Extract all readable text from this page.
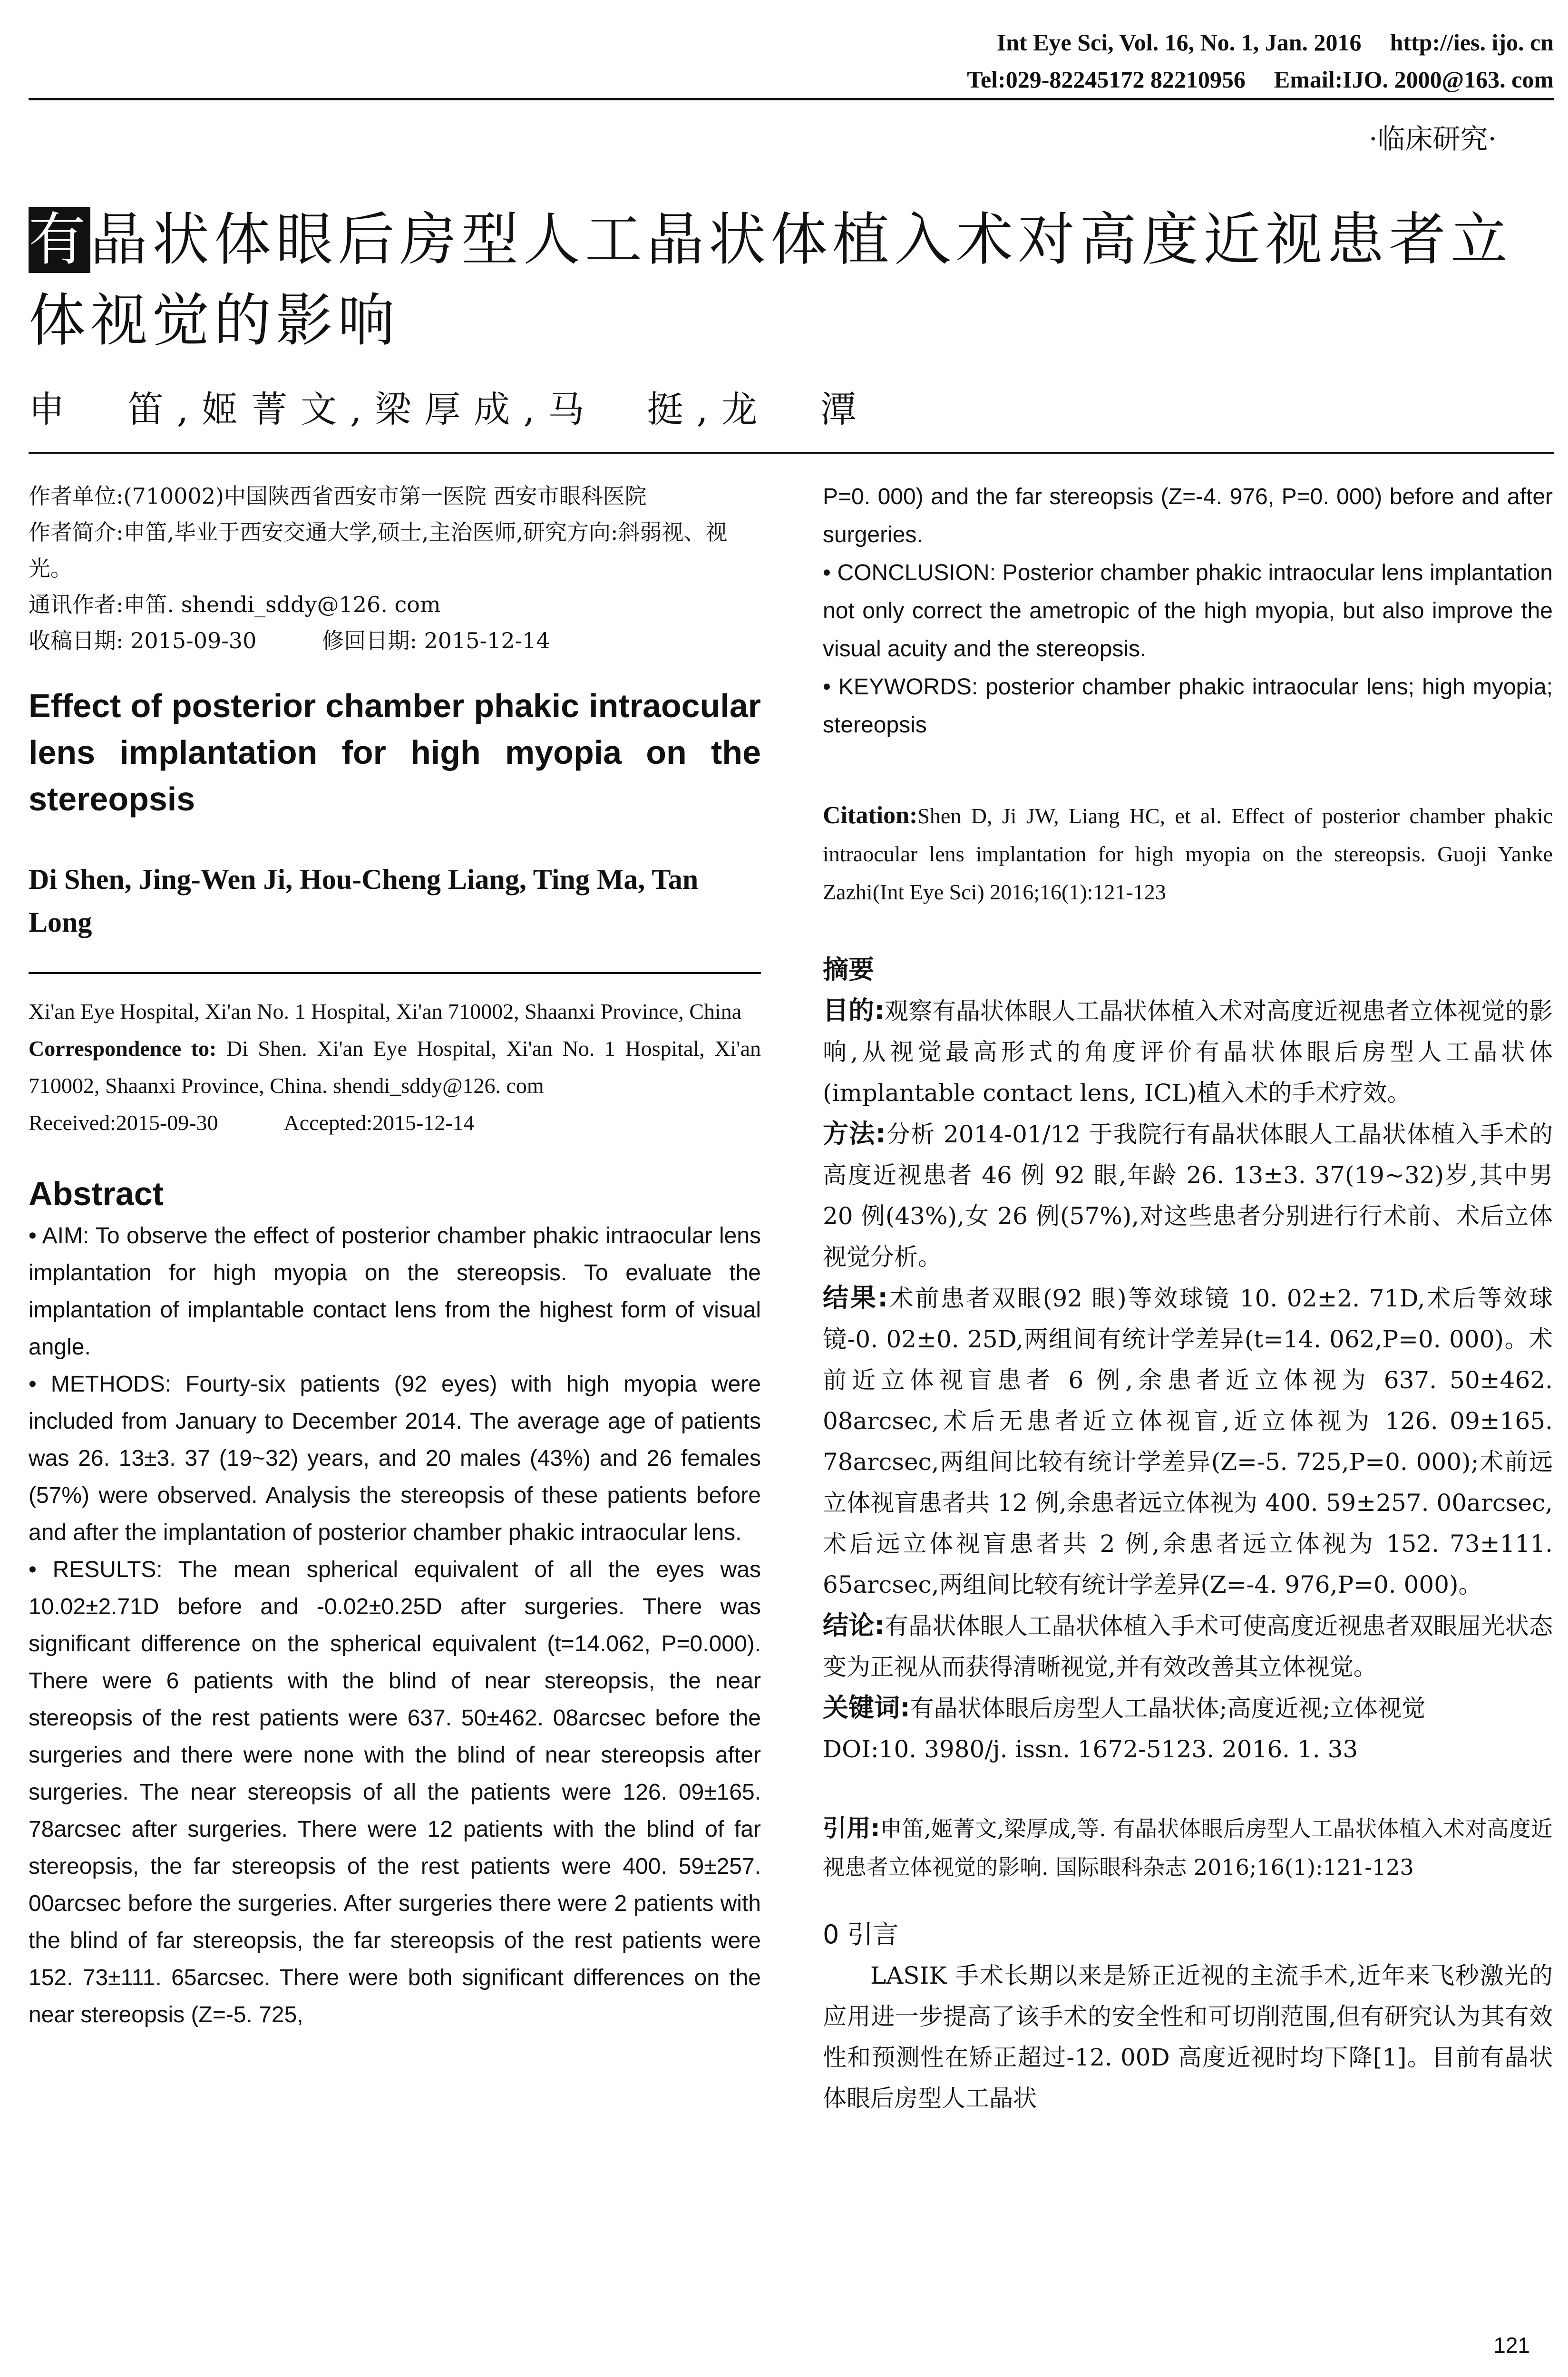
Int Eye Sci, Vol. 16, No. 1, Jan. 2016 http://ies. ijo. cn
Tel:029-82245172 82210956 Email:IJO. 2000@163. com
·临床研究·
有晶状体眼后房型人工晶状体植入术对高度近视患者立体视觉的影响
申　笛,姬菁文,梁厚成,马　挺,龙　潭
作者单位:(710002)中国陕西省西安市第一医院 西安市眼科医院
作者简介:申笛,毕业于西安交通大学,硕士,主治医师,研究方向:斜弱视、视光。
通讯作者:申笛. shendi_sddy@126. com
收稿日期: 2015-09-30　　　修回日期: 2015-12-14
Effect of posterior chamber phakic intraocular lens implantation for high myopia on the stereopsis
Di Shen, Jing-Wen Ji, Hou-Cheng Liang, Ting Ma, Tan Long
Xi'an Eye Hospital, Xi'an No. 1 Hospital, Xi'an 710002, Shaanxi Province, China
Correspondence to: Di Shen. Xi'an Eye Hospital, Xi'an No. 1 Hospital, Xi'an 710002, Shaanxi Province, China. shendi_sddy@126. com
Received:2015-09-30　　　Accepted:2015-12-14
Abstract

• AIM: To observe the effect of posterior chamber phakic intraocular lens implantation for high myopia on the stereopsis. To evaluate the implantation of implantable contact lens from the highest form of visual angle.

• METHODS: Fourty-six patients (92 eyes) with high myopia were included from January to December 2014. The average age of patients was 26. 13±3. 37 (19~32) years, and 20 males (43%) and 26 females (57%) were observed. Analysis the stereopsis of these patients before and after the implantation of posterior chamber phakic intraocular lens.

• RESULTS: The mean spherical equivalent of all the eyes was 10.02±2.71D before and -0.02±0.25D after surgeries. There was significant difference on the spherical equivalent (t=14.062, P=0.000). There were 6 patients with the blind of near stereopsis, the near stereopsis of the rest patients were 637. 50±462. 08arcsec before the surgeries and there were none with the blind of near stereopsis after surgeries. The near stereopsis of all the patients were 126. 09±165. 78arcsec after surgeries. There were 12 patients with the blind of far stereopsis, the far stereopsis of the rest patients were 400. 59±257. 00arcsec before the surgeries. After surgeries there were 2 patients with the blind of far stereopsis, the far stereopsis of the rest patients were 152. 73±111. 65arcsec. There were both significant differences on the near stereopsis (Z=-5. 725,

P=0. 000) and the far stereopsis (Z=-4. 976, P=0. 000) before and after surgeries.

• CONCLUSION: Posterior chamber phakic intraocular lens implantation not only correct the ametropic of the high myopia, but also improve the visual acuity and the stereopsis.

• KEYWORDS: posterior chamber phakic intraocular lens; high myopia; stereopsis

Citation:Shen D, Ji JW, Liang HC, et al. Effect of posterior chamber phakic intraocular lens implantation for high myopia on the stereopsis. Guoji Yanke Zazhi(Int Eye Sci) 2016;16(1):121-123
摘要
目的:观察有晶状体眼人工晶状体植入术对高度近视患者立体视觉的影响,从视觉最高形式的角度评价有晶状体眼后房型人工晶状体(implantable contact lens, ICL)植入术的手术疗效。
方法:分析 2014-01/12 于我院行有晶状体眼人工晶状体植入手术的高度近视患者 46 例 92 眼,年龄 26. 13±3. 37(19~32)岁,其中男 20 例(43%),女 26 例(57%),对这些患者分别进行行术前、术后立体视觉分析。
结果:术前患者双眼(92 眼)等效球镜 10. 02±2. 71D,术后等效球镜-0. 02±0. 25D,两组间有统计学差异(t=14. 062,P=0. 000)。术前近立体视盲患者 6 例,余患者近立体视为 637. 50±462. 08arcsec,术后无患者近立体视盲,近立体视为 126. 09±165. 78arcsec,两组间比较有统计学差异(Z=-5. 725,P=0. 000);术前远立体视盲患者共 12 例,余患者远立体视为 400. 59±257. 00arcsec,术后远立体视盲患者共 2 例,余患者远立体视为 152. 73±111. 65arcsec,两组间比较有统计学差异(Z=-4. 976,P=0. 000)。
结论:有晶状体眼人工晶状体植入手术可使高度近视患者双眼屈光状态变为正视从而获得清晰视觉,并有效改善其立体视觉。
关键词:有晶状体眼后房型人工晶状体;高度近视;立体视觉
DOI:10. 3980/j. issn. 1672-5123. 2016. 1. 33
引用:申笛,姬菁文,梁厚成,等. 有晶状体眼后房型人工晶状体植入术对高度近视患者立体视觉的影响. 国际眼科杂志 2016;16(1):121-123
0 引言
LASIK 手术长期以来是矫正近视的主流手术,近年来飞秒激光的应用进一步提高了该手术的安全性和可切削范围,但有研究认为其有效性和预测性在矫正超过-12. 00D 高度近视时均下降[1]。目前有晶状体眼后房型人工晶状
121
